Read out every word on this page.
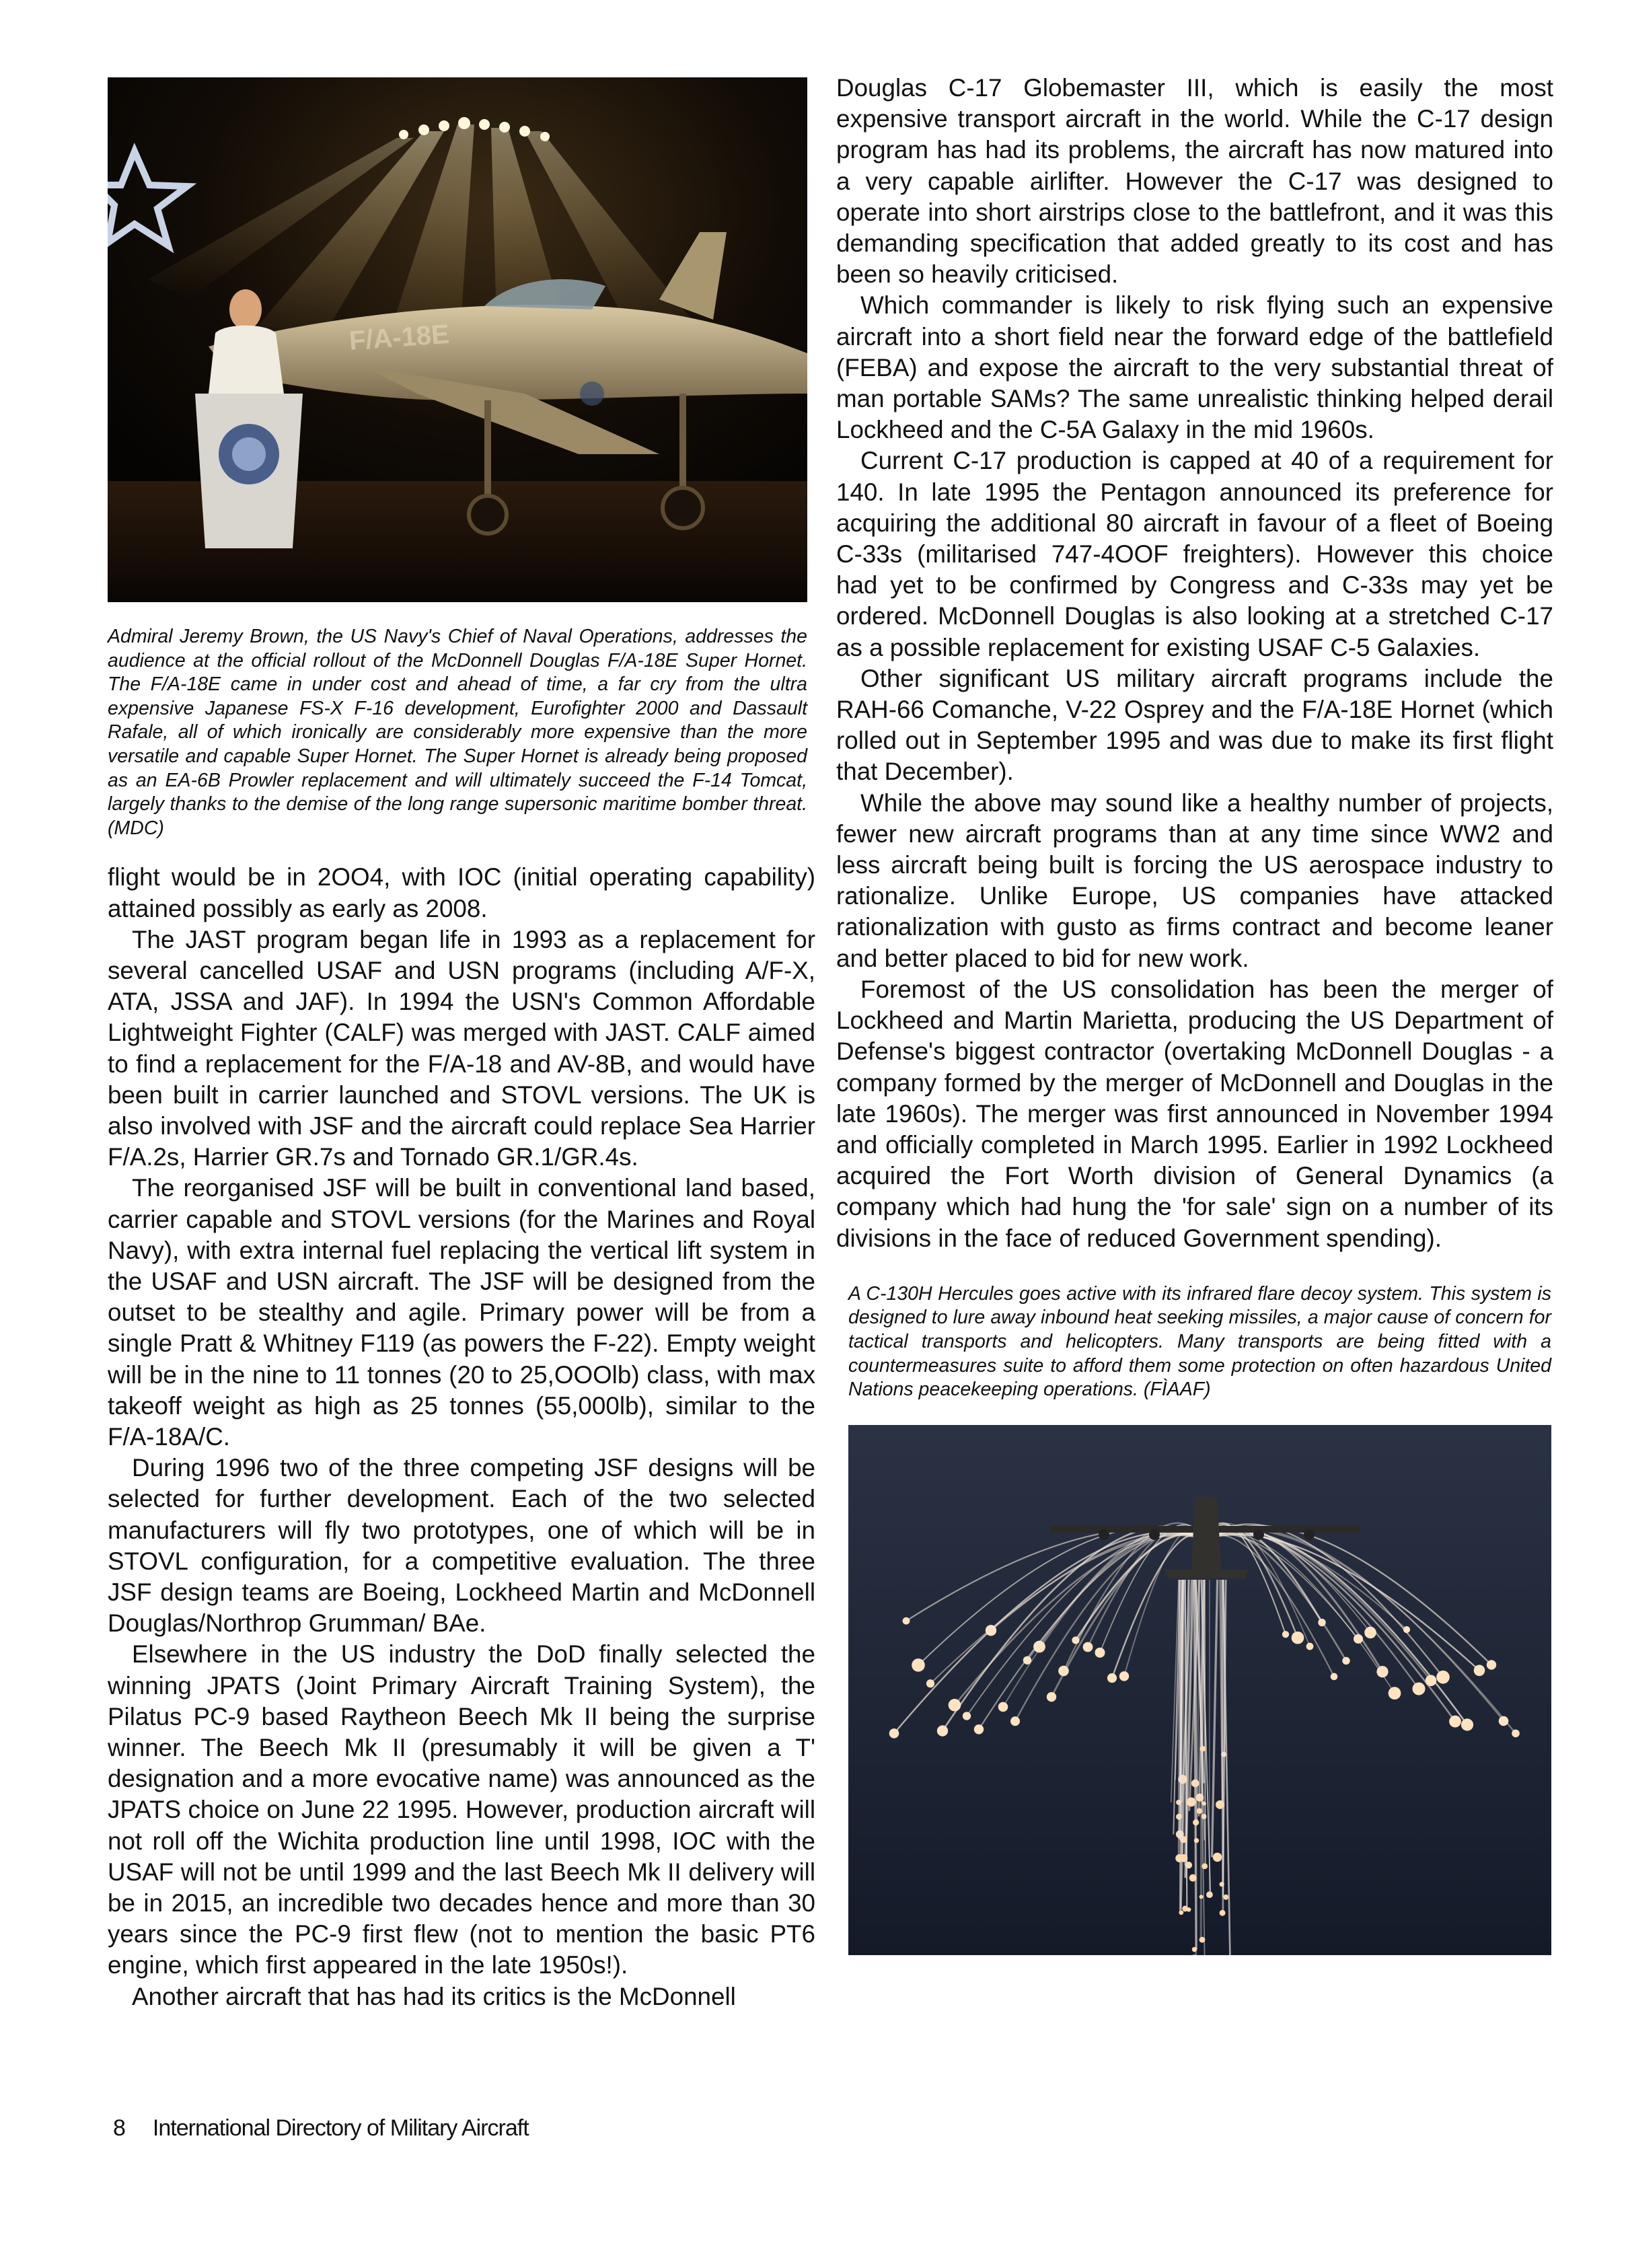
F/A-18E

Admiral Jeremy Brown, the US Navy's Chief of Naval Operations, addresses the audience at the official rollout of the McDonnell Douglas F/A-18E Super Hornet. The F/A-18E came in under cost and ahead of time, a far cry from the ultra expensive Japanese FS-X F-16 development, Eurofighter 2000 and Dassault Rafale, all of which ironically are considerably more expensive than the more versatile and capable Super Hornet. The Super Hornet is already being proposed as an EA-6B Prowler replacement and will ultimately succeed the F-14 Tomcat, largely thanks to the demise of the long range supersonic maritime bomber threat. (MDC)

flight would be in 2OO4, with IOC (initial operating capability) attained possibly as early as 2008.

The JAST program began life in 1993 as a replacement for several cancelled USAF and USN programs (including A/F-X, ATA, JSSA and JAF). In 1994 the USN's Common Affordable Lightweight Fighter (CALF) was merged with JAST. CALF aimed to find a replacement for the F/A-18 and AV-8B, and would have been built in carrier launched and STOVL versions. The UK is also involved with JSF and the aircraft could replace Sea Harrier F/A.2s, Harrier GR.7s and Tornado GR.1/GR.4s.

The reorganised JSF will be built in conventional land based, carrier capable and STOVL versions (for the Marines and Royal Navy), with extra internal fuel replacing the vertical lift system in the USAF and USN aircraft. The JSF will be designed from the outset to be stealthy and agile. Primary power will be from a single Pratt & Whitney F119 (as powers the F-22). Empty weight will be in the nine to 11 tonnes (20 to 25,OOOlb) class, with max takeoff weight as high as 25 tonnes (55,000lb), similar to the F/A-18A/C.

During 1996 two of the three competing JSF designs will be selected for further development. Each of the two selected manufacturers will fly two prototypes, one of which will be in STOVL configuration, for a competitive evaluation. The three JSF design teams are Boeing, Lockheed Martin and McDonnell Douglas/Northrop Grumman/ BAe.

Elsewhere in the US industry the DoD finally selected the winning JPATS (Joint Primary Aircraft Training System), the Pilatus PC-9 based Raytheon Beech Mk II being the surprise winner. The Beech Mk II (presumably it will be given a T' designation and a more evocative name) was announced as the JPATS choice on June 22 1995. However, production aircraft will not roll off the Wichita production line until 1998, IOC with the USAF will not be until 1999 and the last Beech Mk II delivery will be in 2015, an incredible two decades hence and more than 30 years since the PC-9 first flew (not to mention the basic PT6 engine, which first appeared in the late 1950s!).

Another aircraft that has had its critics is the McDonnell

Douglas C-17 Globemaster III, which is easily the most expensive transport aircraft in the world. While the C-17 design program has had its problems, the aircraft has now matured into a very capable airlifter. However the C-17 was designed to operate into short airstrips close to the battlefront, and it was this demanding specification that added greatly to its cost and has been so heavily criticised.

Which commander is likely to risk flying such an expensive aircraft into a short field near the forward edge of the battlefield (FEBA) and expose the aircraft to the very substantial threat of man portable SAMs? The same unrealistic thinking helped derail Lockheed and the C-5A Galaxy in the mid 1960s.

Current C-17 production is capped at 40 of a requirement for 140. In late 1995 the Pentagon announced its preference for acquiring the additional 80 aircraft in favour of a fleet of Boeing C-33s (militarised 747-4OOF freighters). However this choice had yet to be confirmed by Congress and C-33s may yet be ordered. McDonnell Douglas is also looking at a stretched C-17 as a possible replacement for existing USAF C-5 Galaxies.

Other significant US military aircraft programs include the RAH-66 Comanche, V-22 Osprey and the F/A-18E Hornet (which rolled out in September 1995 and was due to make its first flight that December).

While the above may sound like a healthy number of projects, fewer new aircraft programs than at any time since WW2 and less aircraft being built is forcing the US aerospace industry to rationalize. Unlike Europe, US companies have attacked rationalization with gusto as firms contract and become leaner and better placed to bid for new work.

Foremost of the US consolidation has been the merger of Lockheed and Martin Marietta, producing the US Department of Defense's biggest contractor (overtaking McDonnell Douglas - a company formed by the merger of McDonnell and Douglas in the late 1960s). The merger was first announced in November 1994 and officially completed in March 1995. Earlier in 1992 Lockheed acquired the Fort Worth division of General Dynamics (a company which had hung the 'for sale' sign on a number of its divisions in the face of reduced Government spending).

A C-130H Hercules goes active with its infrared flare decoy system. This system is designed to lure away inbound heat seeking missiles, a major cause of concern for tactical transports and helicopters. Many transports are being fitted with a countermeasures suite to afford them some protection on often hazardous United Nations peacekeeping operations. (FÌAAF)

8 International Directory of Military Aircraft
